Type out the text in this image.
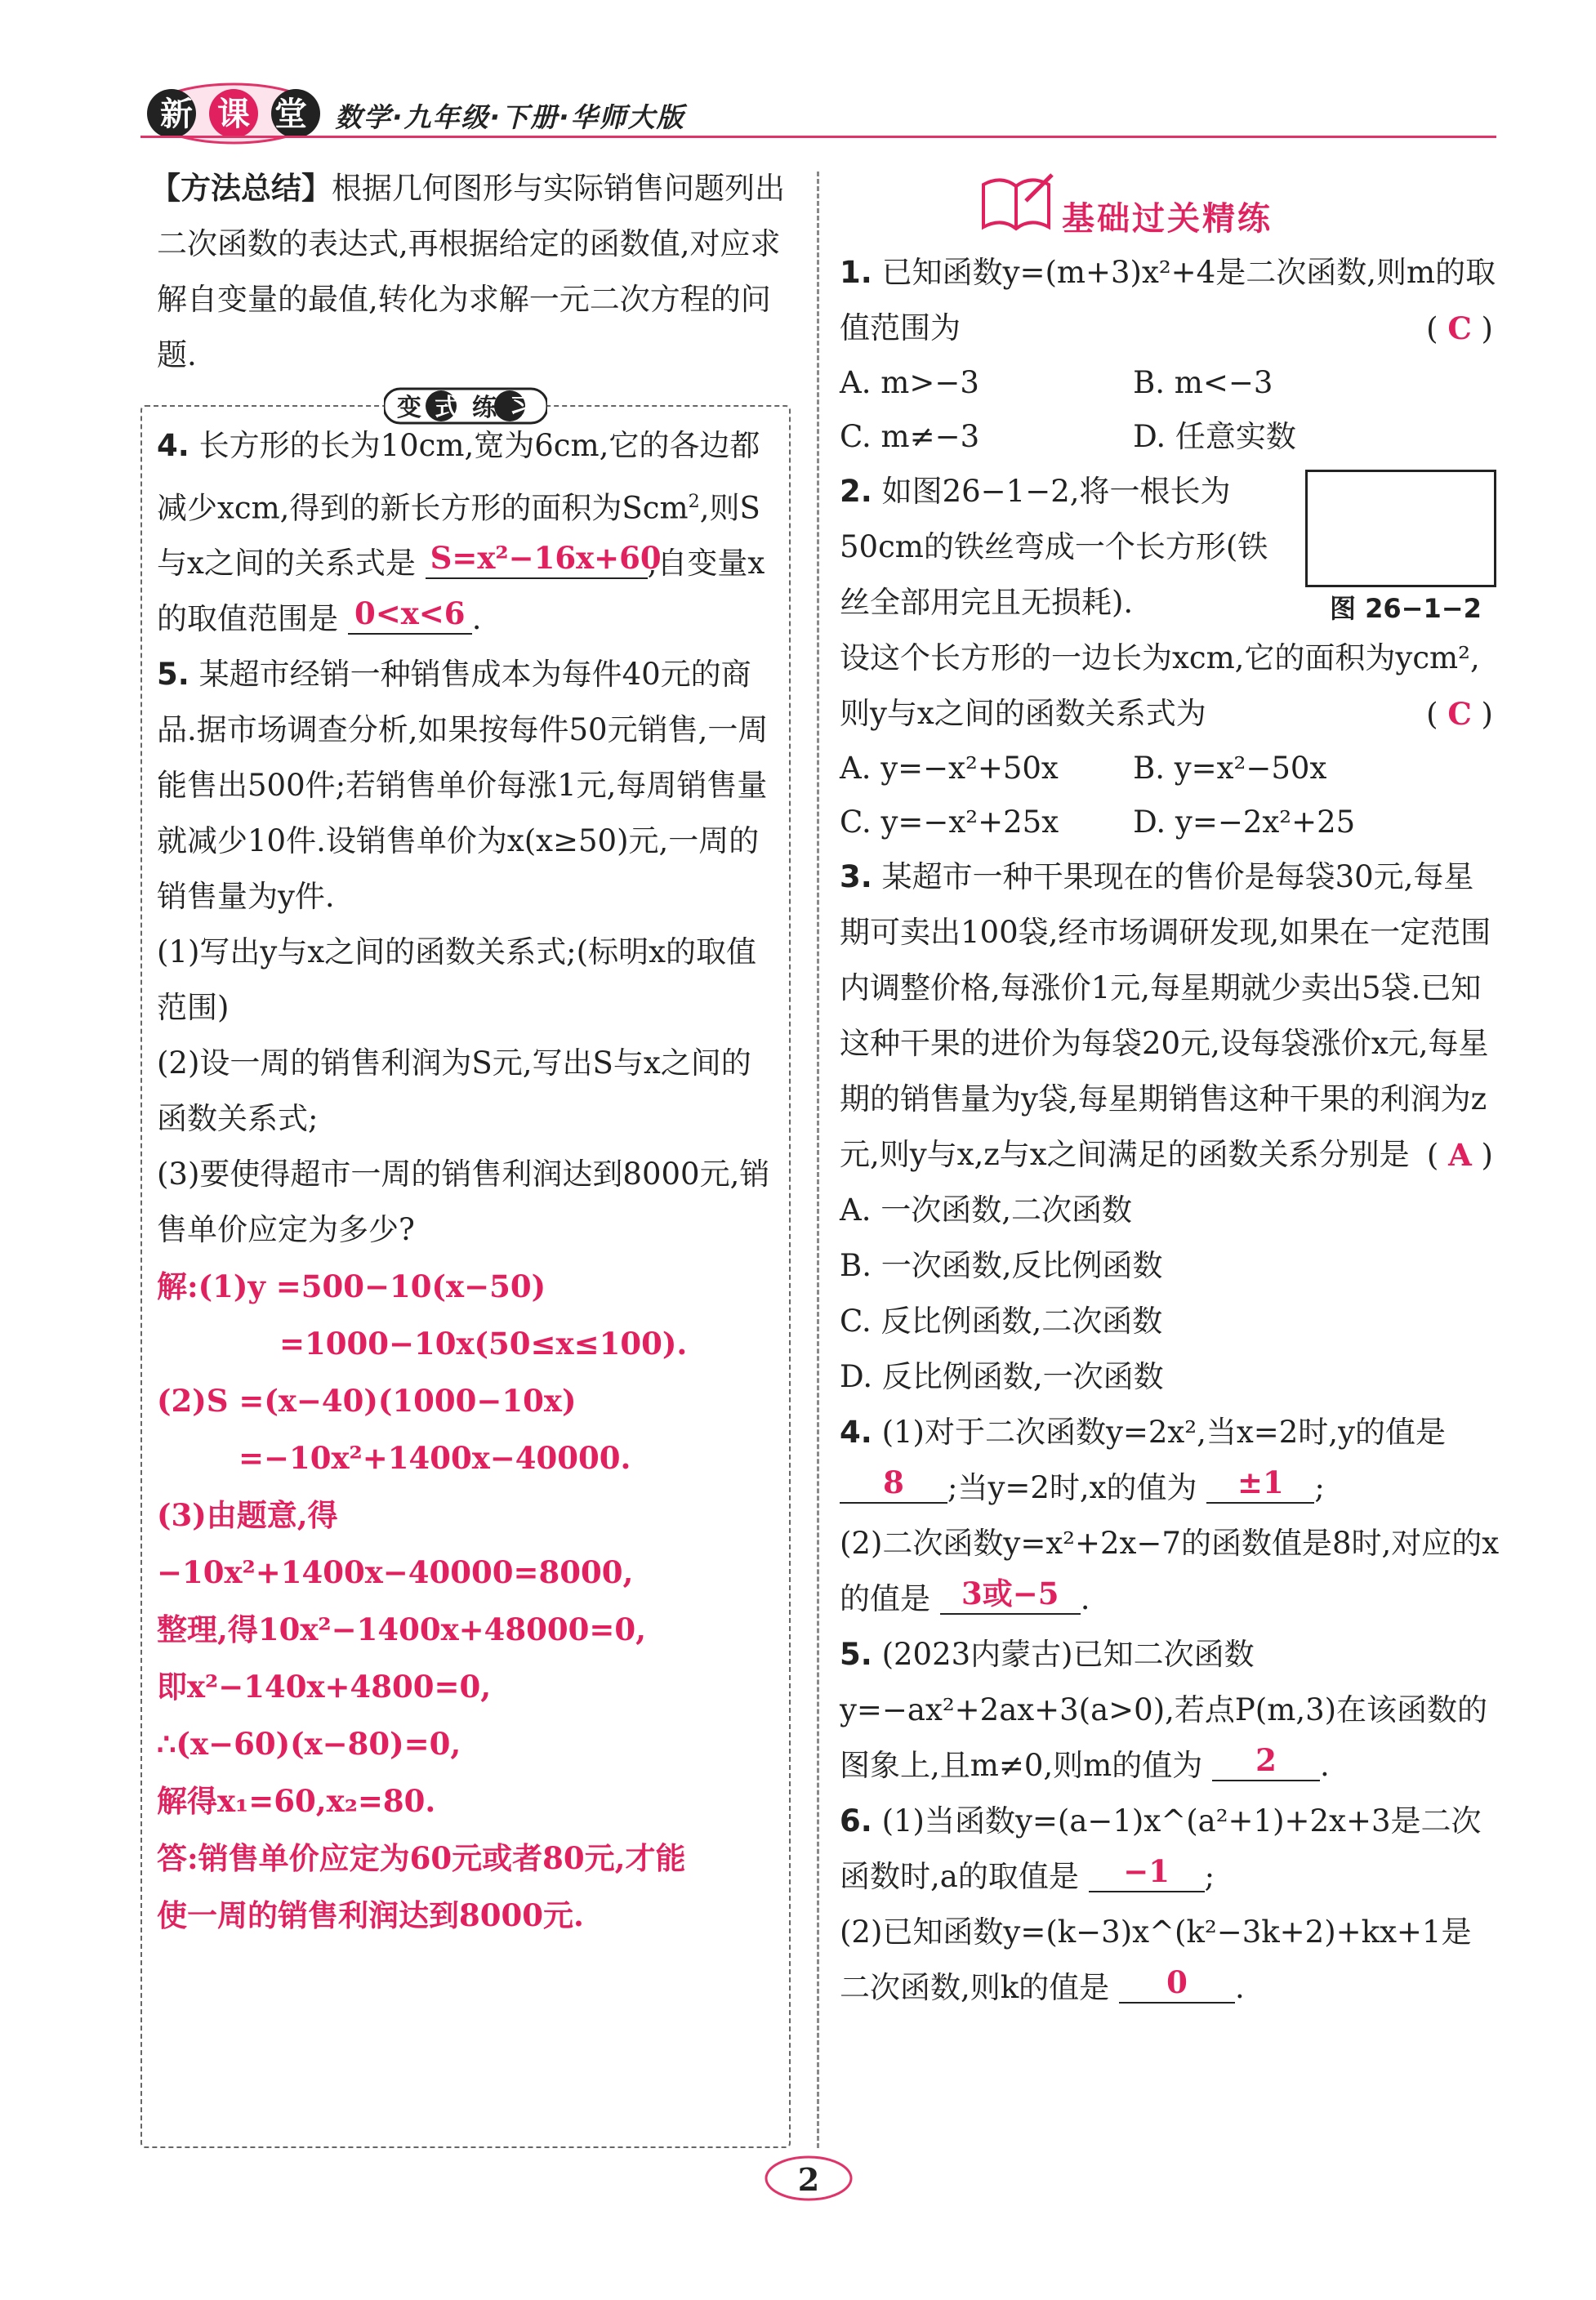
新 课 堂	数学·九年级·下册·华师大版

【方法总结】根据几何图形与实际销售问题列出二次函数的表达式,再根据给定的函数值,对应求解自变量的最值,转化为求解一元二次方程的问题.

变 式 练 习

4. 长方形的长为10cm,宽为6cm,它的各边都减少xcm,得到的新长方形的面积为Scm$^2$,则S与x之间的关系式是 S=x²−16x+60,自变量x的取值范围是 0<x<6 .

5. 某超市经销一种销售成本为每件40元的商品.据市场调查分析,如果按每件50元销售,一周能售出500件;若销售单价每涨1元,每周销售量就减少10件.设销售单价为x(x≥50)元,一周的销售量为y件.

(1)写出y与x之间的函数关系式;(标明x的取值范围)

(2)设一周的销售利润为S元,写出S与x之间的函数关系式;

(3)要使得超市一周的销售利润达到8000元,销售单价应定为多少?

解:(1)y =500−10(x−50)

=1000−10x(50≤x≤100).

(2)S =(x−40)(1000−10x)

=−10x²+1400x−40000.

(3)由题意,得

−10x²+1400x−40000=8000,

整理,得10x²−1400x+48000=0,

即x²−140x+4800=0,

∴(x−60)(x−80)=0,

解得x₁=60,x₂=80.

答:销售单价应定为60元或者80元,才能

使一周的销售利润达到8000元.

基础过关精练

1. 已知函数y=(m+3)x²+4是二次函数,则m的取值范围为	( C )

A. m>−3	B. m<−3
C. m≠−3	D. 任意实数

2. 如图26−1−2,将一根长为50cm的铁丝弯成一个长方形(铁丝全部用完且无损耗).

设这个长方形的一边长为xcm,它的面积为ycm²,则y与x之间的函数关系式为	( C )

A. y=−x²+50x	B. y=x²−50x
C. y=−x²+25x	D. y=−2x²+25

3. 某超市一种干果现在的售价是每袋30元,每星期可卖出100袋,经市场调研发现,如果在一定范围内调整价格,每涨价1元,每星期就少卖出5袋.已知这种干果的进价为每袋20元,设每袋涨价x元,每星期的销售量为y袋,每星期销售这种干果的利润为z元,则y与x,z与x之间满足的函数关系分别是 ( A )

A. 一次函数,二次函数
B. 一次函数,反比例函数
C. 反比例函数,二次函数
D. 反比例函数,一次函数

4. (1)对于二次函数y=2x²,当x=2时,y的值是 8 ;当y=2时,x的值为 ±1 ;

(2)二次函数y=x²+2x−7的函数值是8时,对应的x的值是 3或−5 .

5. (2023内蒙古)已知二次函数y=−ax²+2ax+3(a>0),若点P(m,3)在该函数的图象上,且m≠0,则m的值为 2 .

6. (1)当函数y=(a−1)x^(a²+1)+2x+3是二次函数时,a的取值是 −1 ;

(2)已知函数y=(k−3)x^(k²−3k+2)+kx+1是二次函数,则k的值是 0 .

图 26−1−2
2
